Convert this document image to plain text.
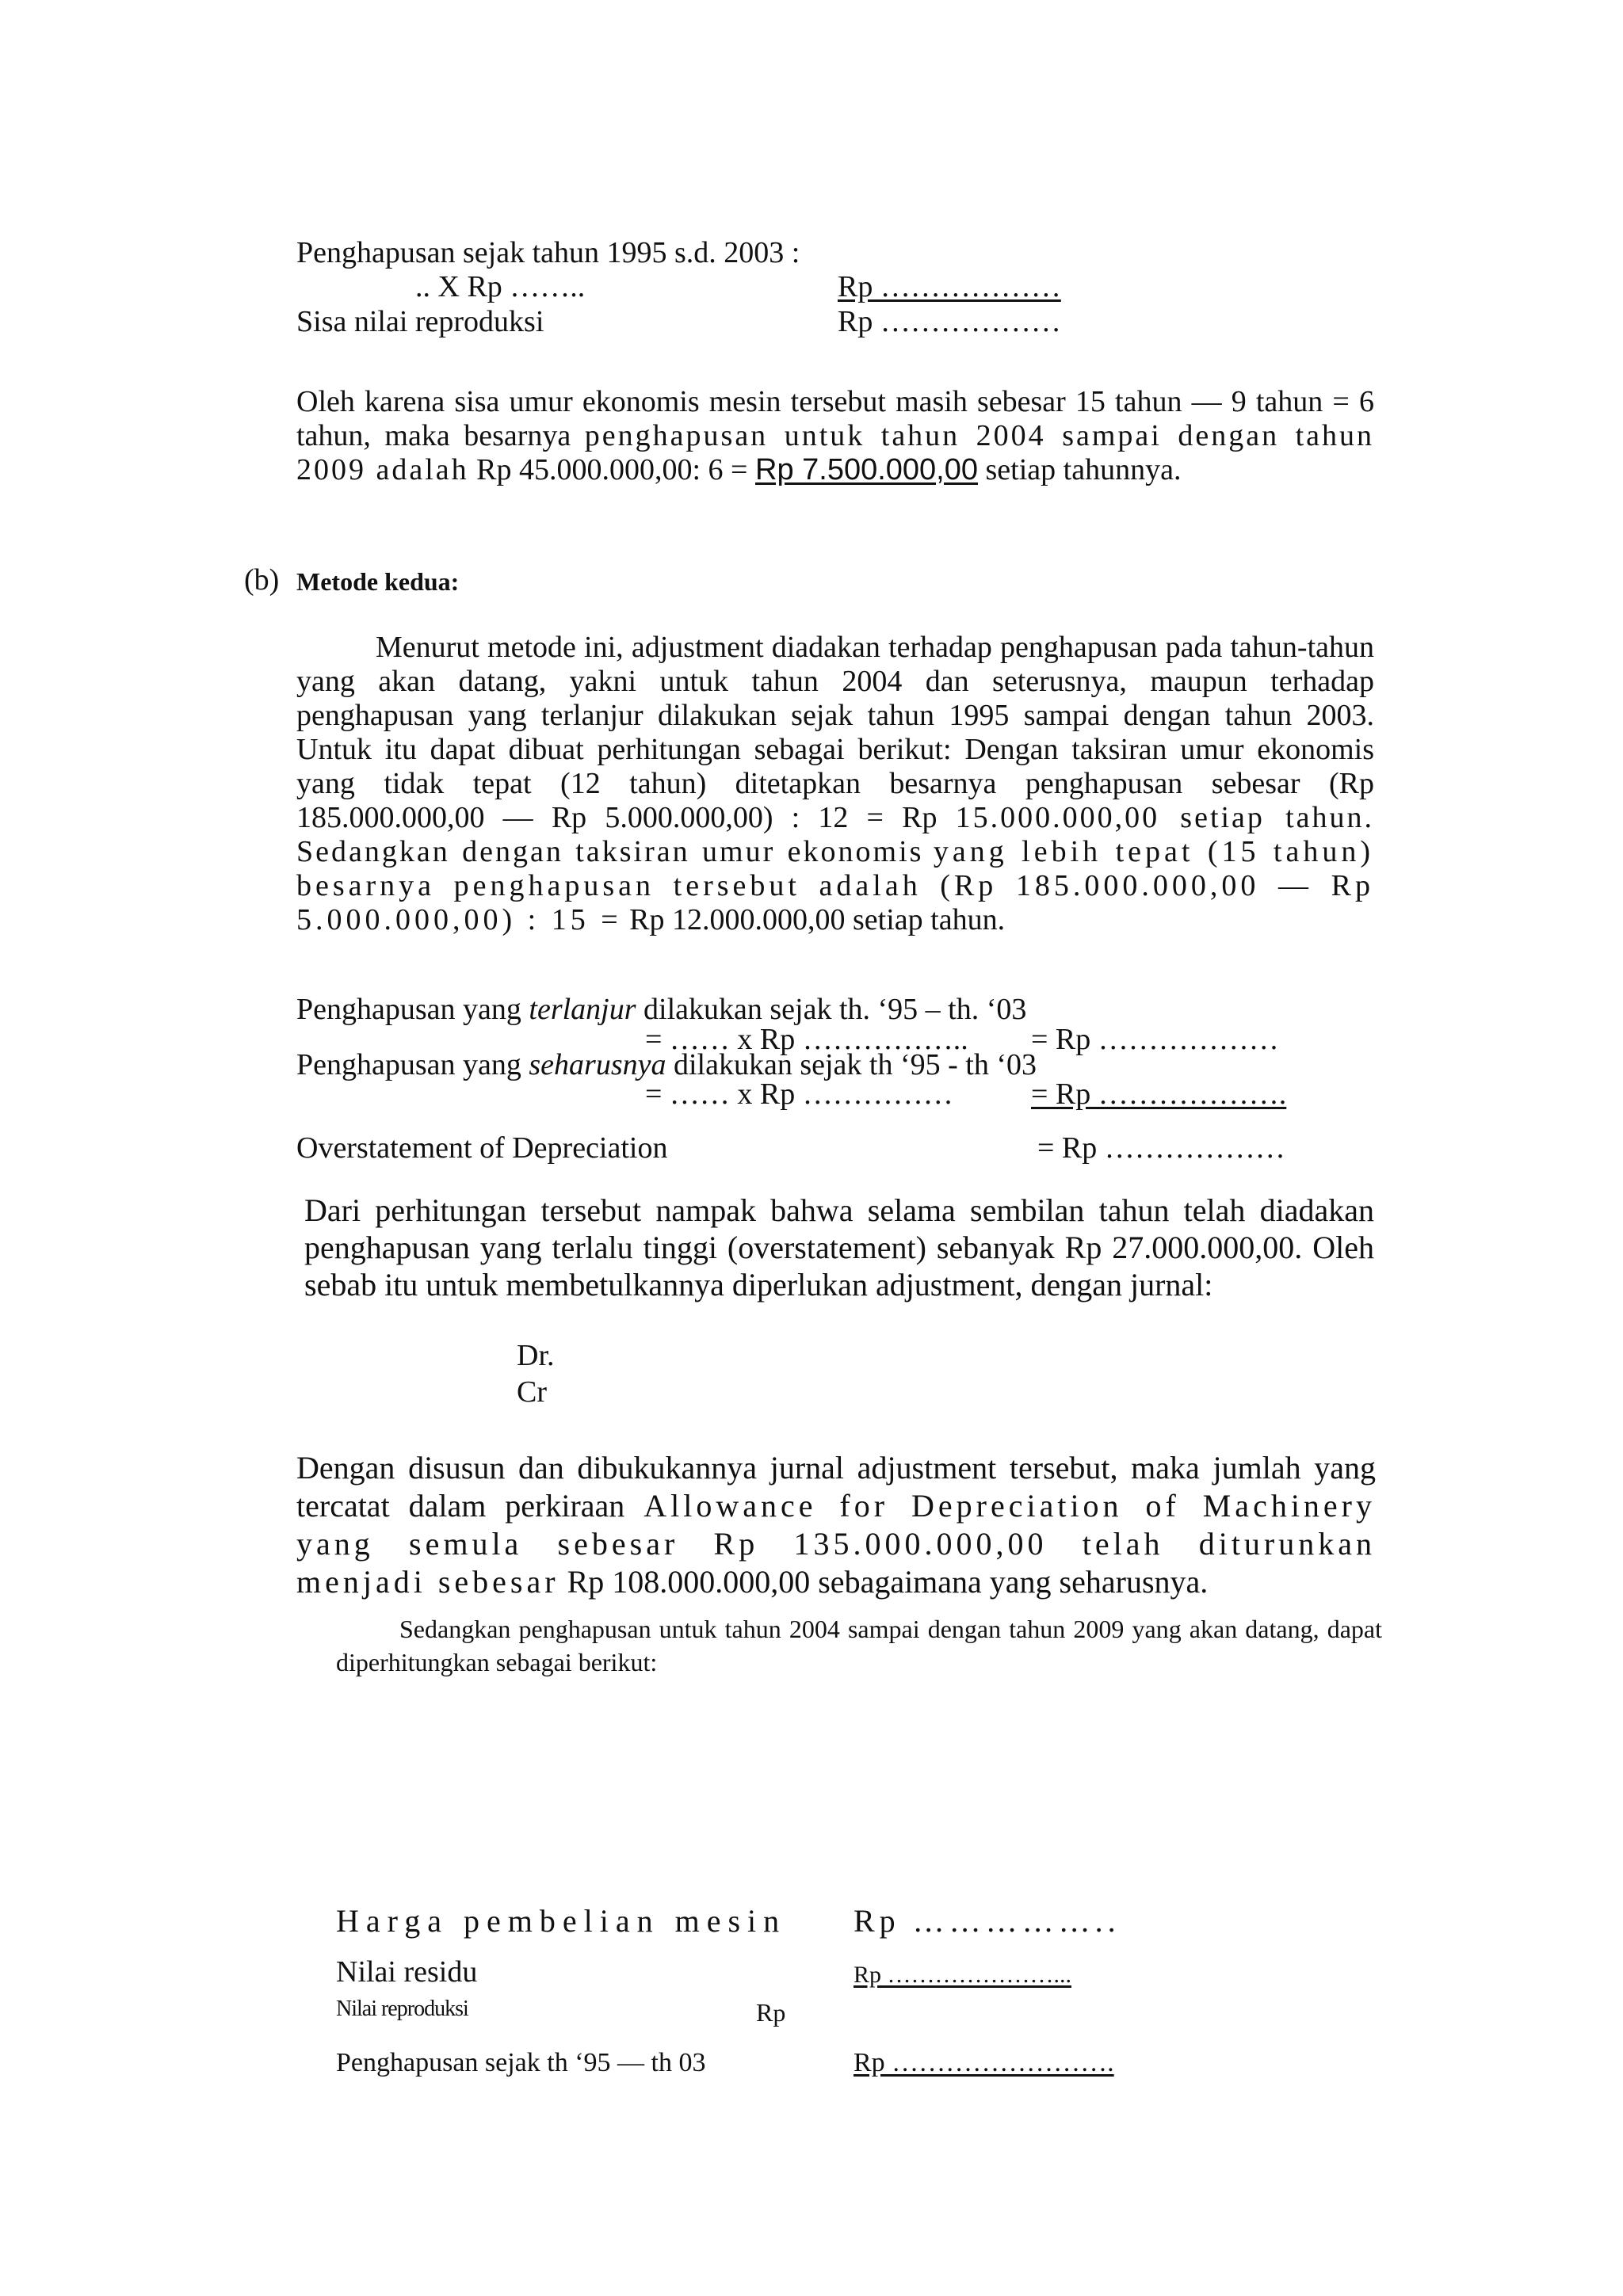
Penghapusan sejak tahun 1995 s.d. 2003 :
.. X Rp ……..	Rp ………………
Sisa nilai reproduksi	Rp ………………
Oleh karena sisa umur ekonomis mesin tersebut masih sebesar 15 tahun — 9 tahun = 6 tahun, maka besarnya penghapusan untuk tahun 2004 sampai dengan tahun 2009 adalah Rp 45.000.000,00: 6 = Rp 7.500.000,00 setiap tahunnya.
(b) Metode kedua:
Menurut metode ini, adjustment diadakan terhadap penghapusan pada tahun-tahun yang akan datang, yakni untuk tahun 2004 dan seterusnya, maupun terhadap penghapusan yang terlanjur dilakukan sejak tahun 1995 sampai dengan tahun 2003. Untuk itu dapat dibuat perhitungan sebagai berikut: Dengan taksiran umur ekonomis yang tidak tepat (12 tahun) ditetapkan besarnya penghapusan sebesar (Rp 185.000.000,00 — Rp 5.000.000,00) : 12 = Rp 15.000.000,00 setiap tahun. Sedangkan dengan taksiran umur ekonomis yang lebih tepat (15 tahun) besarnya penghapusan tersebut adalah (Rp 185.000.000,00 — Rp 5.000.000,00) : 15 = Rp 12.000.000,00 setiap tahun.
Penghapusan yang terlanjur dilakukan sejak th. ‘95 – th. ‘03
= …… x Rp …………….. = Rp ………………
Penghapusan yang seharusnya dilakukan sejak th ‘95 - th ‘03
= …… x Rp ……………	= Rp ……………….
Overstatement of Depreciation	= Rp ………………
Dari perhitungan tersebut nampak bahwa selama sembilan tahun telah diadakan penghapusan yang terlalu tinggi (overstatement) sebanyak Rp 27.000.000,00. Oleh sebab itu untuk membetulkannya diperlukan adjustment, dengan jurnal:
Dr.
Cr
Dengan disusun dan dibukukannya jurnal adjustment tersebut, maka jumlah yang tercatat dalam perkiraan Allowance for Depreciation of Machinery yang semula sebesar Rp 135.000.000,00 telah diturunkan menjadi sebesar Rp 108.000.000,00 sebagaimana yang seharusnya.
Sedangkan penghapusan untuk tahun 2004 sampai dengan tahun 2009 yang akan datang, dapat diperhitungkan sebagai berikut:
Harga pembelian mesin Rp ……………..
Nilai residu	Rp …………………...
Nilai reproduksi	Rp
Penghapusan sejak th ‘95 — th 03	Rp …………………….
